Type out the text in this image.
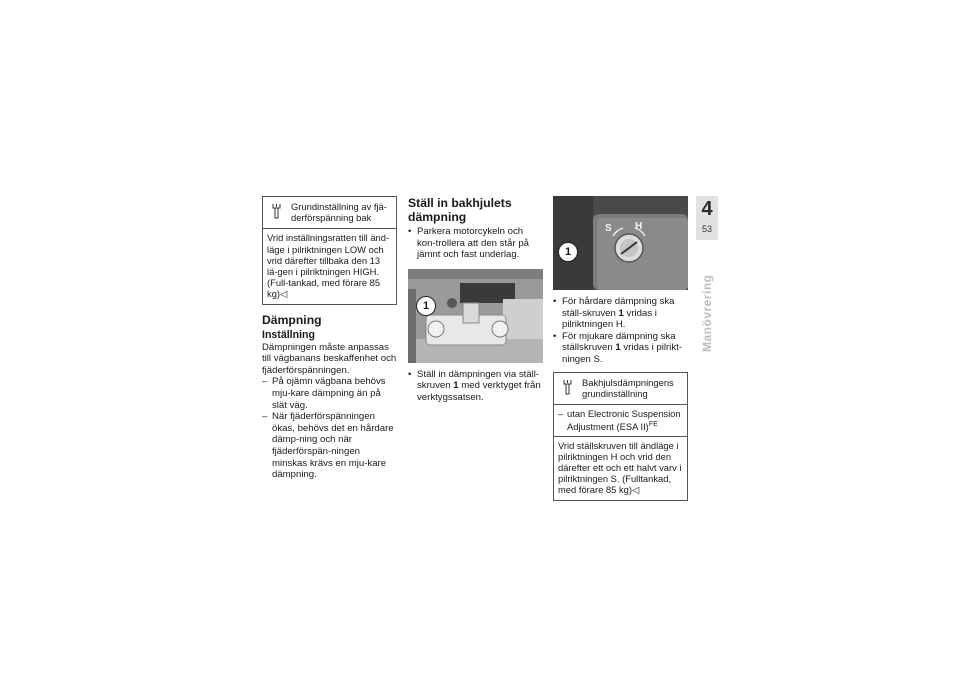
Grundinställning av fjä-derförspänning bak
Vrid inställningsratten till änd-läge i pilriktningen LOW och vrid därefter tillbaka den 13 lä-gen i pilriktningen HIGH. (Full-tankad, med förare 85 kg)◁
Dämpning
Inställning
Dämpningen måste anpassas till vägbanans beskaffenhet och fjäderförspänningen.
– På ojämn vägbana behövs mju-kare dämpning än på slät väg.
– När fjäderförspänningen ökas, behövs det en hårdare dämp-ning och när fjäderförspän-ningen minskas krävs en mju-kare dämpning.
Ställ in bakhjulets dämpning
• Parkera motorcykeln och kon-trollera att den står på jämnt och fast underlag.
1
• Ställ in dämpningen via ställ-skruven 1 med verktyget från verktygssatsen.
S H
1
• För hårdare dämpning ska ställ-skruven 1 vridas i pilriktningen H.
• För mjukare dämpning ska ställskruven 1 vridas i pilrikt-ningen S.
Bakhjulsdämpningens grundinställning
– utan Electronic Suspension Adjustment (ESA II)$^{FE}$
Vrid ställskruven till ändläge i pilriktningen H och vrid den därefter ett och ett halvt varv i pilriktningen S. (Fulltankad, med förare 85 kg)◁
4
53
Manövrering
